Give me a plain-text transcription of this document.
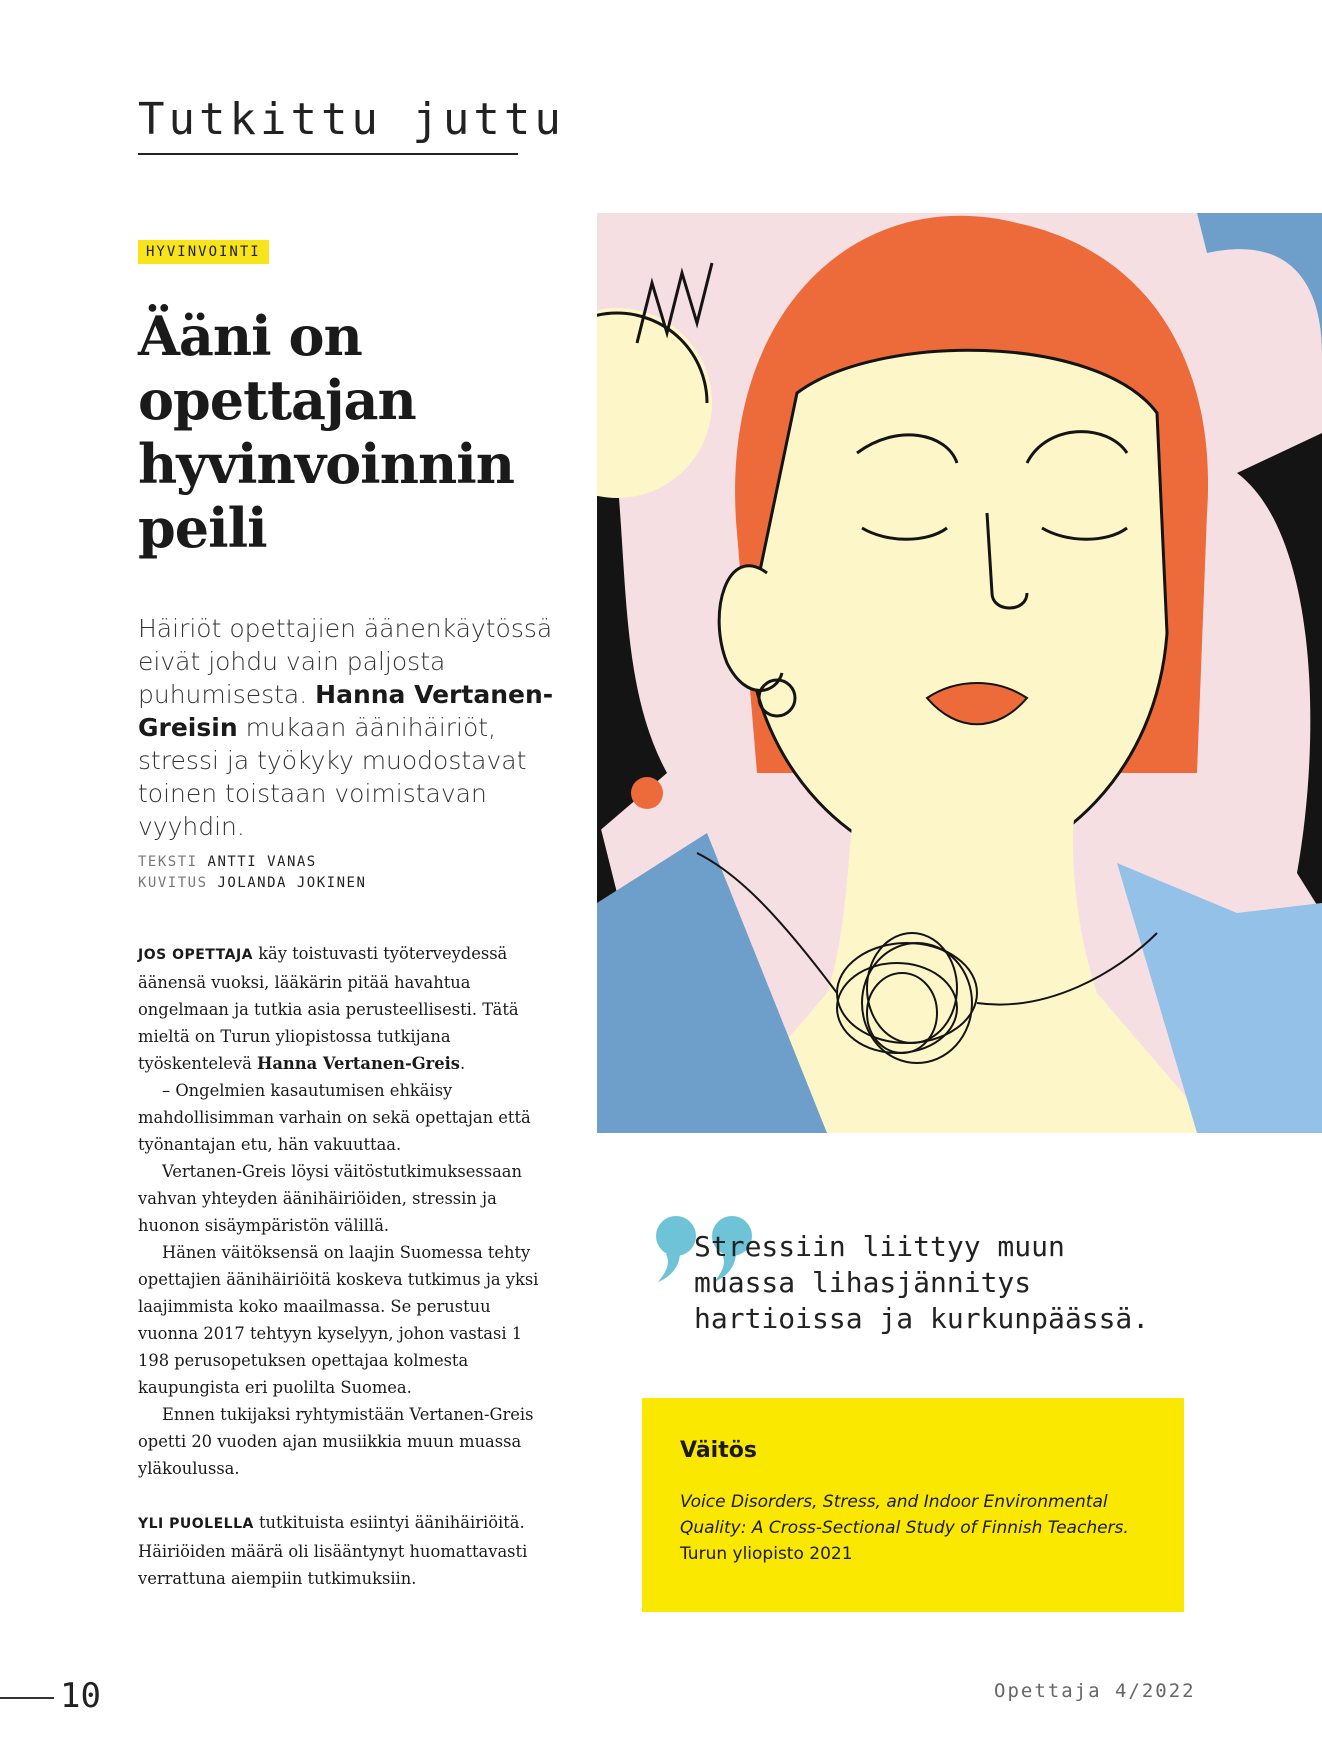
Tutkittu juttu
HYVINVOINTI
Ääni on
opettajan
hyvinvoinnin
peili

Häiriöt opettajien äänenkäytössä eivät johdu vain paljosta puhumisesta. Hanna Vertanen-Greisin mukaan äänihäiriöt, stressi ja työkyky muodostavat toinen toistaan voimistavan vyyhdin.

TEKSTI ANTTI VANAS
KUVITUS JOLANDA JOKINEN

JOS OPETTAJA käy toistuvasti työterveydessä äänensä vuoksi, lääkärin pitää havahtua ongelmaan ja tutkia asia perusteellisesti. Tätä mieltä on Turun yliopistossa tutkijana työskentelevä Hanna Vertanen-Greis.

– Ongelmien kasautumisen ehkäisy mahdollisimman varhain on sekä opettajan että työnantajan etu, hän vakuuttaa.

Vertanen-Greis löysi väitöstutkimuksessaan vahvan yhteyden äänihäiriöiden, stressin ja huonon sisäympäristön välillä.

Hänen väitöksensä on laajin Suomessa tehty opettajien äänihäiriöitä koskeva tutkimus ja yksi laajimmista koko maailmassa. Se perustuu vuonna 2017 tehtyyn kyselyyn, johon vastasi 1 198 perusopetuksen opettajaa kolmesta kaupungista eri puolilta Suomea.

Ennen tukijaksi ryhtymistään Vertanen-Greis opetti 20 vuoden ajan musiikkia muun muassa yläkoulussa.

YLI PUOLELLA tutkituista esiintyi äänihäiriöitä. Häiriöiden määrä oli lisääntynyt huomattavasti verrattuna aiempiin tutkimuksiin.

Stressiin liittyy muun
muassa lihasjännitys
hartioissa ja kurkunpäässä.
Väitös
Voice Disorders, Stress, and Indoor Environmental Quality: A Cross-Sectional Study of Finnish Teachers.
Turun yliopisto 2021
10	Opettaja 4/2022
